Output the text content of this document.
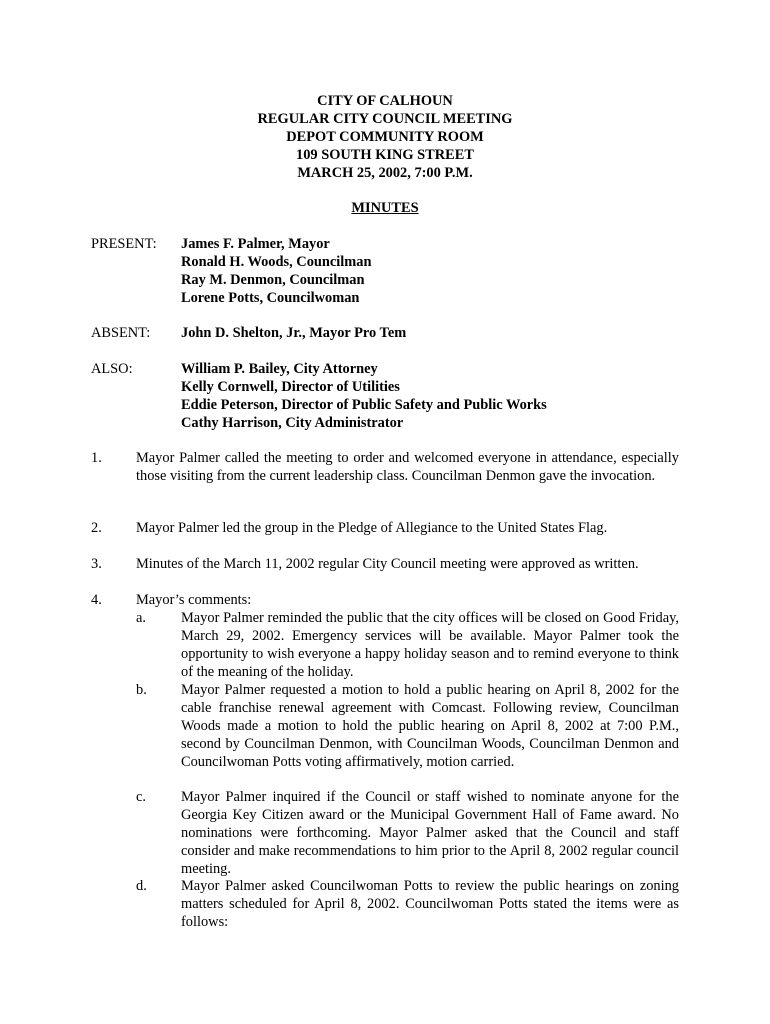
CITY OF CALHOUN
REGULAR CITY COUNCIL MEETING
DEPOT COMMUNITY ROOM
109 SOUTH KING STREET
MARCH 25, 2002, 7:00 P.M.
MINUTES
PRESENT: James F. Palmer, Mayor
Ronald H. Woods, Councilman
Ray M. Denmon, Councilman
Lorene Potts, Councilwoman
ABSENT: John D. Shelton, Jr., Mayor Pro Tem
ALSO:	William P. Bailey, City Attorney
Kelly Cornwell, Director of Utilities
Eddie Peterson, Director of Public Safety and Public Works
Cathy Harrison, City Administrator
1. Mayor Palmer called the meeting to order and welcomed everyone in attendance, especially those visiting from the current leadership class. Councilman Denmon gave the invocation.
2. Mayor Palmer led the group in the Pledge of Allegiance to the United States Flag.
3. Minutes of the March 11, 2002 regular City Council meeting were approved as written.
4. Mayor’s comments:
a. Mayor Palmer reminded the public that the city offices will be closed on Good Friday, March 29, 2002. Emergency services will be available. Mayor Palmer took the opportunity to wish everyone a happy holiday season and to remind everyone to think of the meaning of the holiday.
b. Mayor Palmer requested a motion to hold a public hearing on April 8, 2002 for the cable franchise renewal agreement with Comcast. Following review, Councilman Woods made a motion to hold the public hearing on April 8, 2002 at 7:00 P.M., second by Councilman Denmon, with Councilman Woods, Councilman Denmon and Councilwoman Potts voting affirmatively, motion carried.
c. Mayor Palmer inquired if the Council or staff wished to nominate anyone for the Georgia Key Citizen award or the Municipal Government Hall of Fame award. No nominations were forthcoming. Mayor Palmer asked that the Council and staff consider and make recommendations to him prior to the April 8, 2002 regular council meeting.
d. Mayor Palmer asked Councilwoman Potts to review the public hearings on zoning matters scheduled for April 8, 2002. Councilwoman Potts stated the items were as follows:
